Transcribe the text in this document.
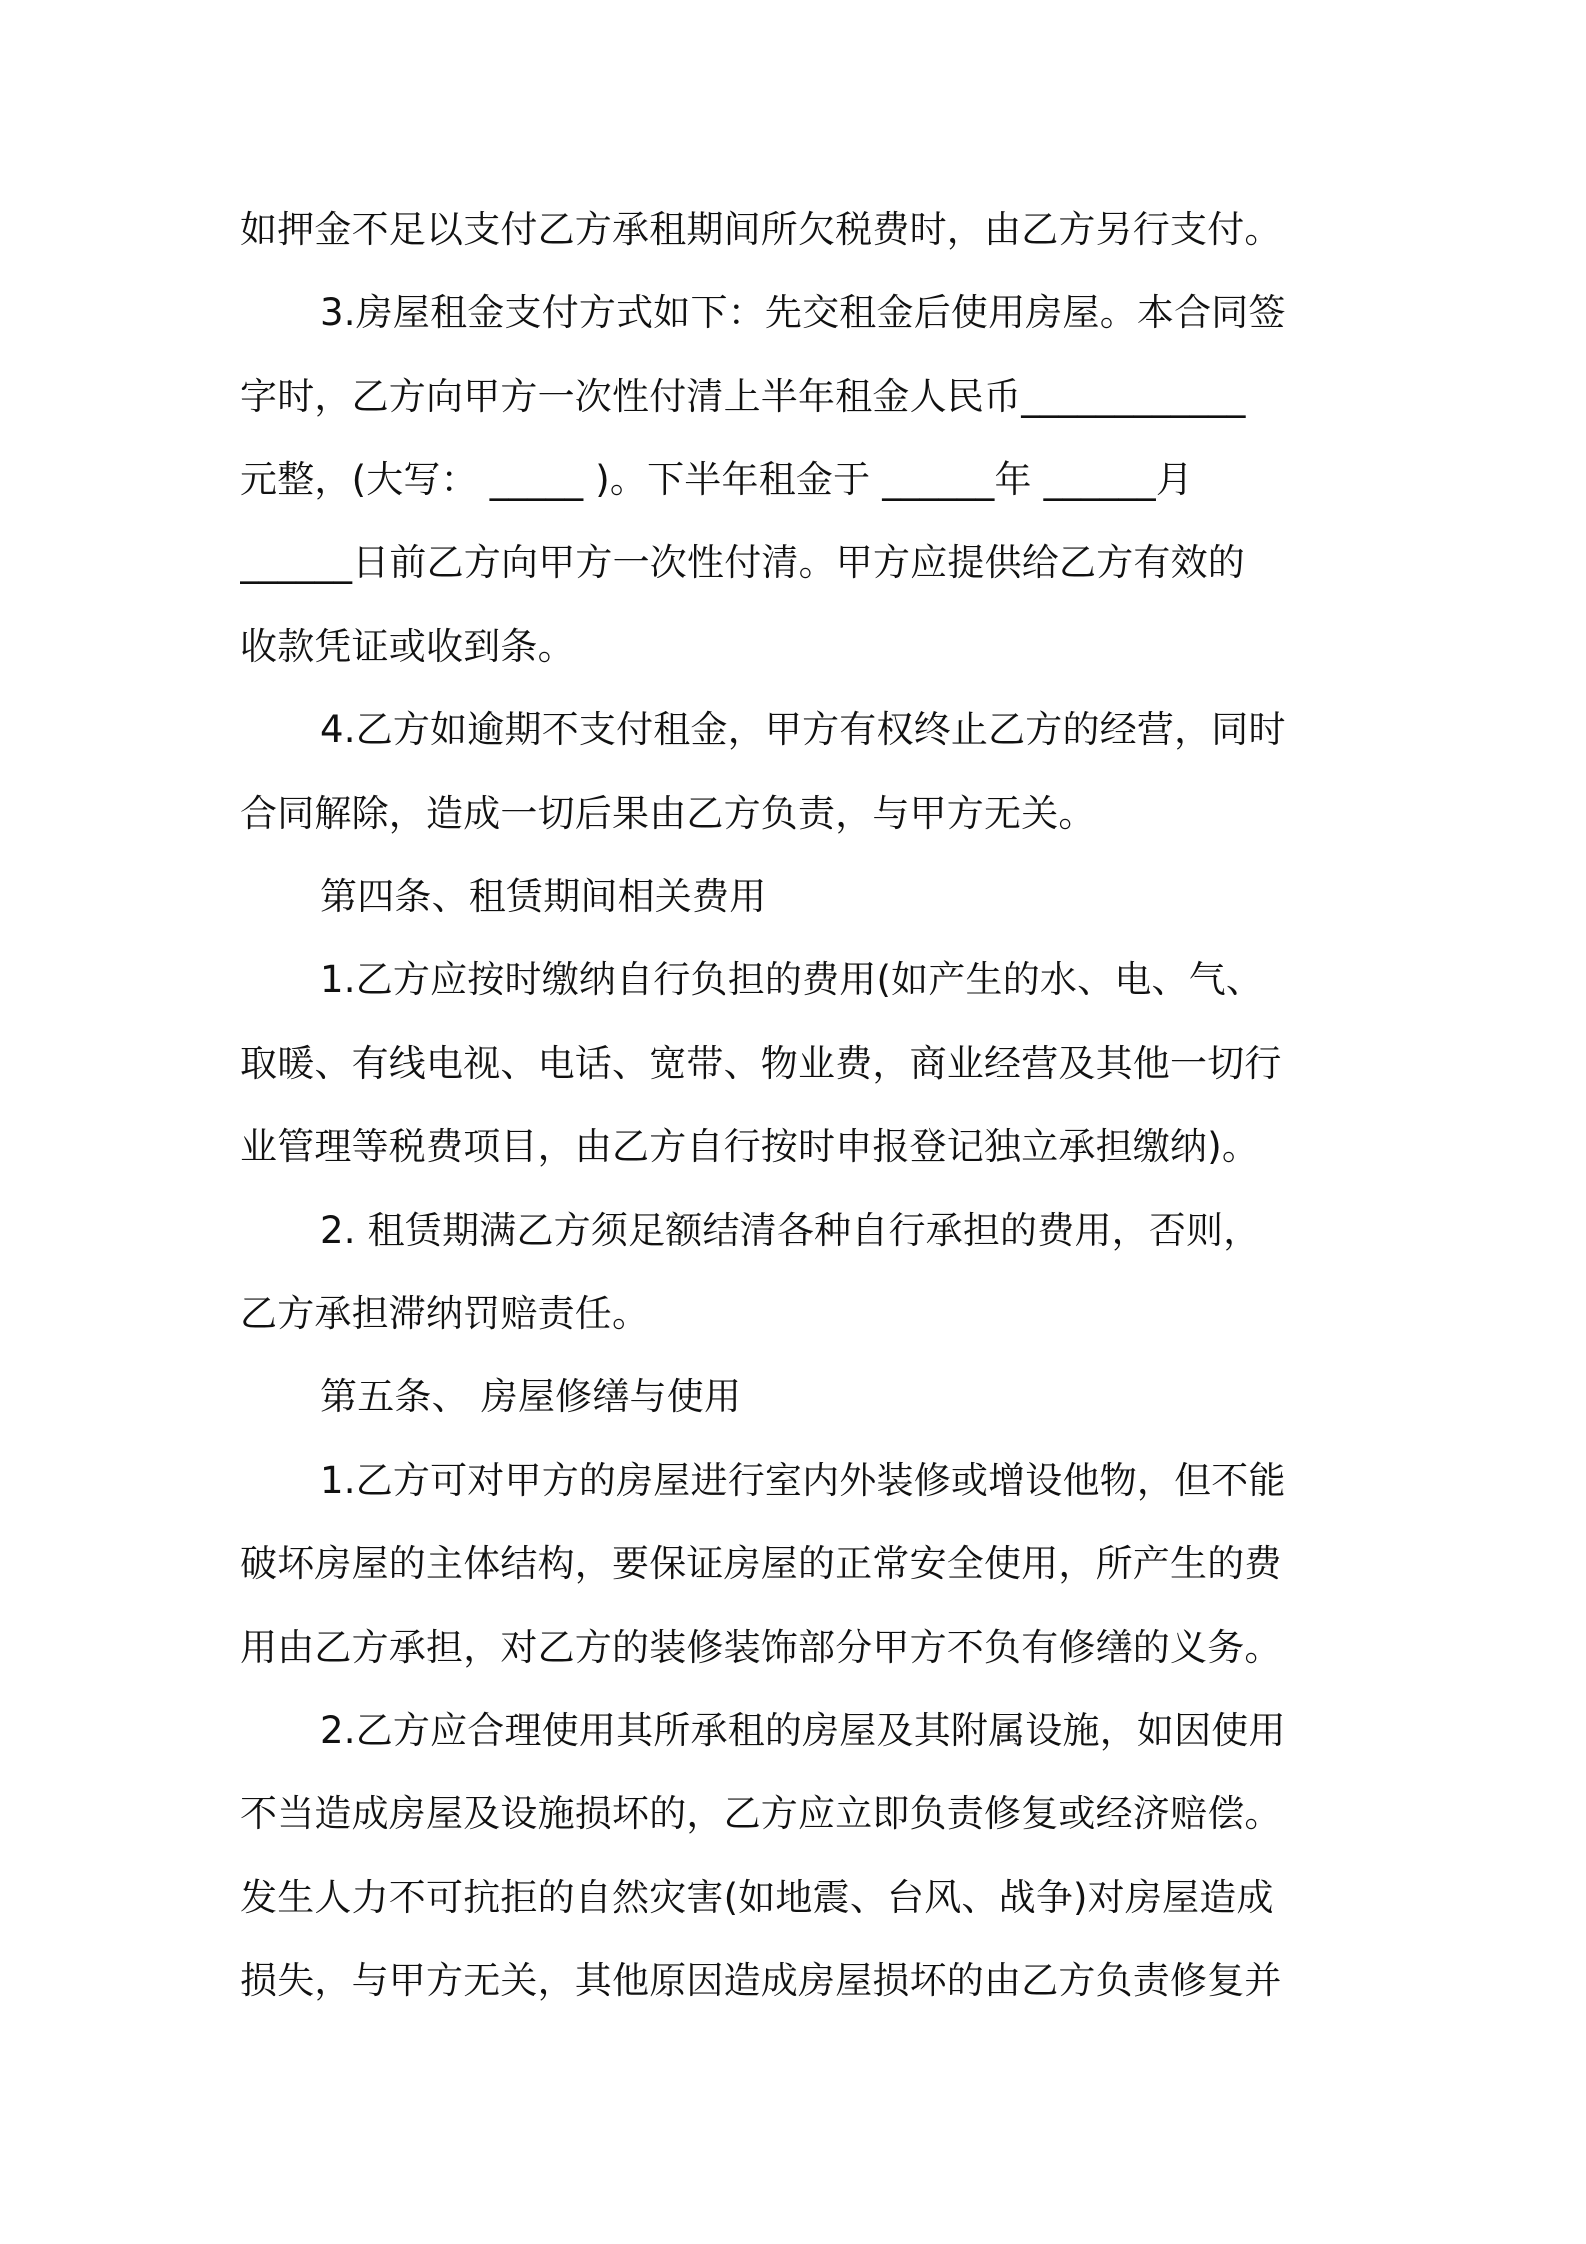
如押金不足以支付乙方承租期间所欠税费时，由乙方另行支付。
3.房屋租金支付方式如下：先交租金后使用房屋。本合同签
字时，乙方向甲方一次性付清上半年租金人民币____________
元整，(大写： _____ )。下半年租金于 ______年 ______月
______日前乙方向甲方一次性付清。甲方应提供给乙方有效的
收款凭证或收到条。
4.乙方如逾期不支付租金，甲方有权终止乙方的经营，同时
合同解除，造成一切后果由乙方负责，与甲方无关。
第四条、租赁期间相关费用
1.乙方应按时缴纳自行负担的费用(如产生的水、电、气、
取暖、有线电视、电话、宽带、物业费，商业经营及其他一切行
业管理等税费项目，由乙方自行按时申报登记独立承担缴纳)。
2. 租赁期满乙方须足额结清各种自行承担的费用，否则，
乙方承担滞纳罚赔责任。
第五条、 房屋修缮与使用
1.乙方可对甲方的房屋进行室内外装修或增设他物，但不能
破坏房屋的主体结构，要保证房屋的正常安全使用，所产生的费
用由乙方承担，对乙方的装修装饰部分甲方不负有修缮的义务。
2.乙方应合理使用其所承租的房屋及其附属设施，如因使用
不当造成房屋及设施损坏的，乙方应立即负责修复或经济赔偿。
发生人力不可抗拒的自然灾害(如地震、台风、战争)对房屋造成
损失，与甲方无关，其他原因造成房屋损坏的由乙方负责修复并
